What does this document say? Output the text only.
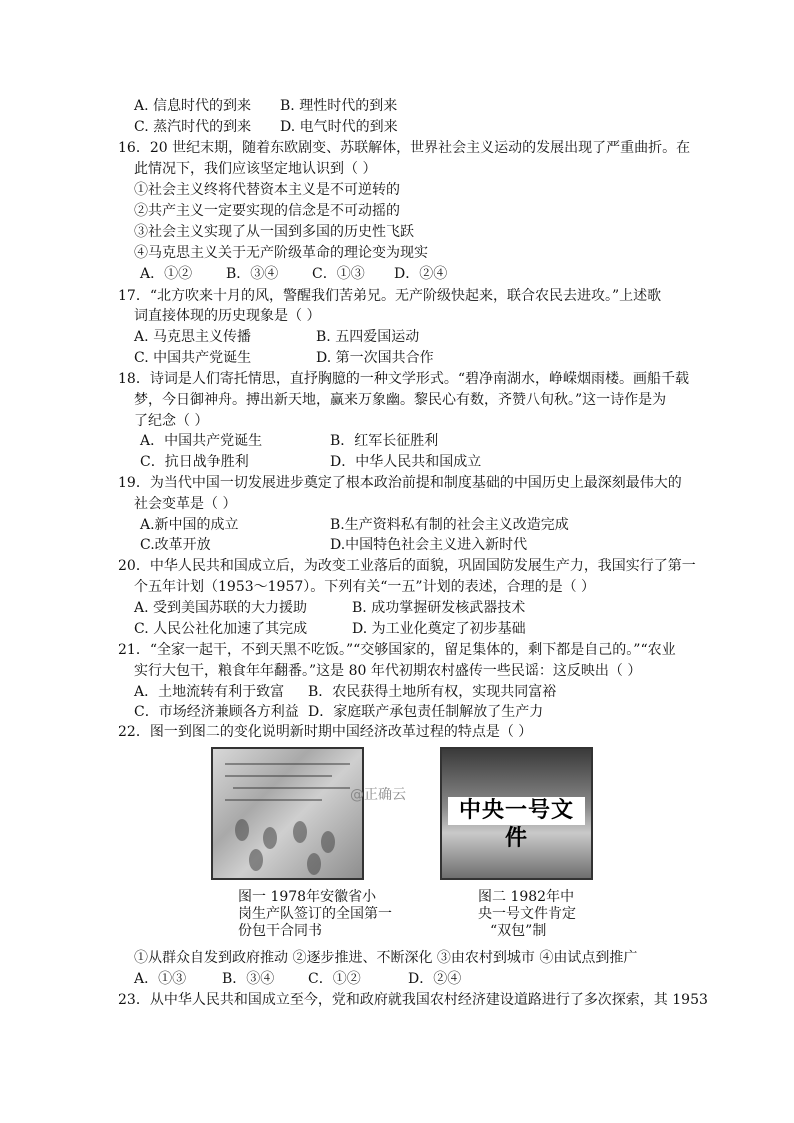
A. 信息时代的到来 B. 理性时代的到来
C. 蒸汽时代的到来 D. 电气时代的到来
16．20 世纪末期，随着东欧剧变、苏联解体，世界社会主义运动的发展出现了严重曲折。在
此情况下，我们应该坚定地认识到（ ）
①社会主义终将代替资本主义是不可逆转的
②共产主义一定要实现的信念是不可动摇的
③社会主义实现了从一国到多国的历史性飞跃
④马克思主义关于无产阶级革命的理论变为现实
A．①② B．③④ C．①③ D．②④
17．“北方吹来十月的风，警醒我们苦弟兄。无产阶级快起来，联合农民去进攻。”上述歌
词直接体现的历史现象是（ ）
A. 马克思主义传播	B. 五四爱国运动
C. 中国共产党诞生	D. 第一次国共合作
18．诗词是人们寄托情思，直抒胸臆的一种文学形式。“碧净南湖水，峥嵘烟雨楼。画船千载
梦，今日御神舟。搏出新天地，赢来万象幽。黎民心有数，齐赞八旬秋。”这一诗作是为
了纪念（ ）
A．中国共产党诞生	B．红军长征胜利
C．抗日战争胜利	D．中华人民共和国成立
19．为当代中国一切发展进步奠定了根本政治前提和制度基础的中国历史上最深刻最伟大的
社会变革是（ ）
A.新中国的成立	B.生产资料私有制的社会主义改造完成
C.改革开放	D.中国特色社会主义进入新时代
20．中华人民共和国成立后，为改变工业落后的面貌，巩固国防发展生产力，我国实行了第一
个五年计划（1953～1957）。下列有关“一五”计划的表述，合理的是（ ）
A. 受到美国苏联的大力援助	B. 成功掌握研发核武器技术
C. 人民公社化加速了其完成	D. 为工业化奠定了初步基础
21．“全家一起干，不到天黑不吃饭。”“交够国家的，留足集体的，剩下都是自己的。”“农业
实行大包干，粮食年年翻番。”这是 80 年代初期农村盛传一些民谣：这反映出（ ）
A．土地流转有利于致富 B．农民获得土地所有权，实现共同富裕
C．市场经济兼顾各方利益 D．家庭联产承包责任制解放了生产力
22．图一到图二的变化说明新时期中国经济改革过程的特点是（ ）
@正确云
中央一号文件
图一 1978年安徽省小
岗生产队签订的全国第一
份包干合同书
图二 1982年中
央一号文件肯定
“双包”制
①从群众自发到政府推动 ②逐步推进、不断深化 ③由农村到城市 ④由试点到推广
A．①③	B．③④ C．①②	D．②④
23．从中华人民共和国成立至今，党和政府就我国农村经济建设道路进行了多次探索，其 1953
